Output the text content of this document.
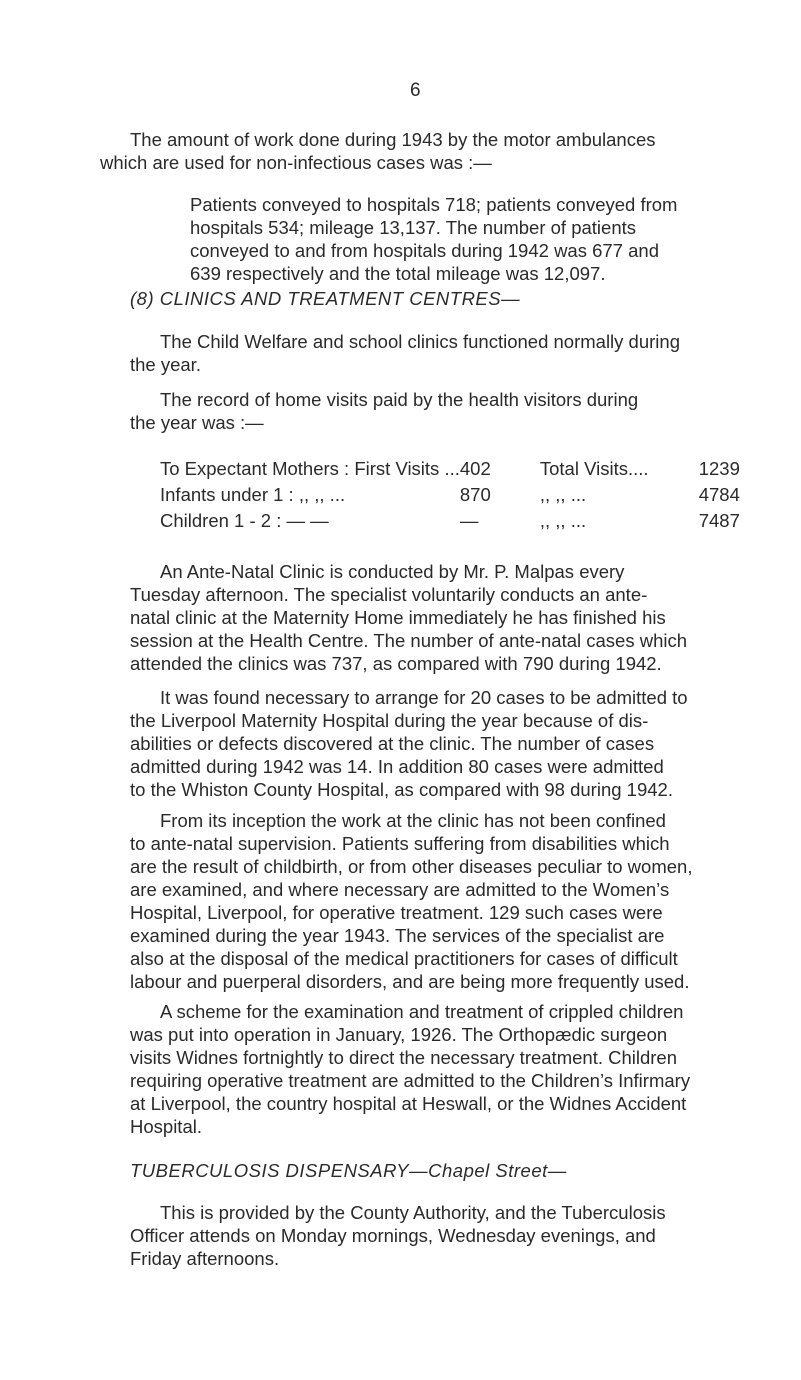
6
The amount of work done during 1943 by the motor ambulances
which are used for non-infectious cases was :—
Patients conveyed to hospitals 718; patients conveyed from
hospitals 534; mileage 13,137. The number of patients
conveyed to and from hospitals during 1942 was 677 and
639 respectively and the total mileage was 12,097.
(8) CLINICS AND TREATMENT CENTRES—
The Child Welfare and school clinics functioned normally during
the year.
The record of home visits paid by the health visitors during
the year was :—
To Expectant Mothers : First Visits ...	402	Total Visits....	1239
Infants under 1 : ,, ,, ...	870	,, ,, ...	4784
Children 1 - 2 : — —	—	,, ,, ...	7487
An Ante-Natal Clinic is conducted by Mr. P. Malpas every
Tuesday afternoon. The specialist voluntarily conducts an ante-
natal clinic at the Maternity Home immediately he has finished his
session at the Health Centre. The number of ante-natal cases which
attended the clinics was 737, as compared with 790 during 1942.
It was found necessary to arrange for 20 cases to be admitted to
the Liverpool Maternity Hospital during the year because of dis-
abilities or defects discovered at the clinic. The number of cases
admitted during 1942 was 14. In addition 80 cases were admitted
to the Whiston County Hospital, as compared with 98 during 1942.
From its inception the work at the clinic has not been confined
to ante-natal supervision. Patients suffering from disabilities which
are the result of childbirth, or from other diseases peculiar to women,
are examined, and where necessary are admitted to the Women’s
Hospital, Liverpool, for operative treatment. 129 such cases were
examined during the year 1943. The services of the specialist are
also at the disposal of the medical practitioners for cases of difficult
labour and puerperal disorders, and are being more frequently used.
A scheme for the examination and treatment of crippled children
was put into operation in January, 1926. The Orthopædic surgeon
visits Widnes fortnightly to direct the necessary treatment. Children
requiring operative treatment are admitted to the Children’s Infirmary
at Liverpool, the country hospital at Heswall, or the Widnes Accident
Hospital.
TUBERCULOSIS DISPENSARY—Chapel Street—
This is provided by the County Authority, and the Tuberculosis
Officer attends on Monday mornings, Wednesday evenings, and
Friday afternoons.
